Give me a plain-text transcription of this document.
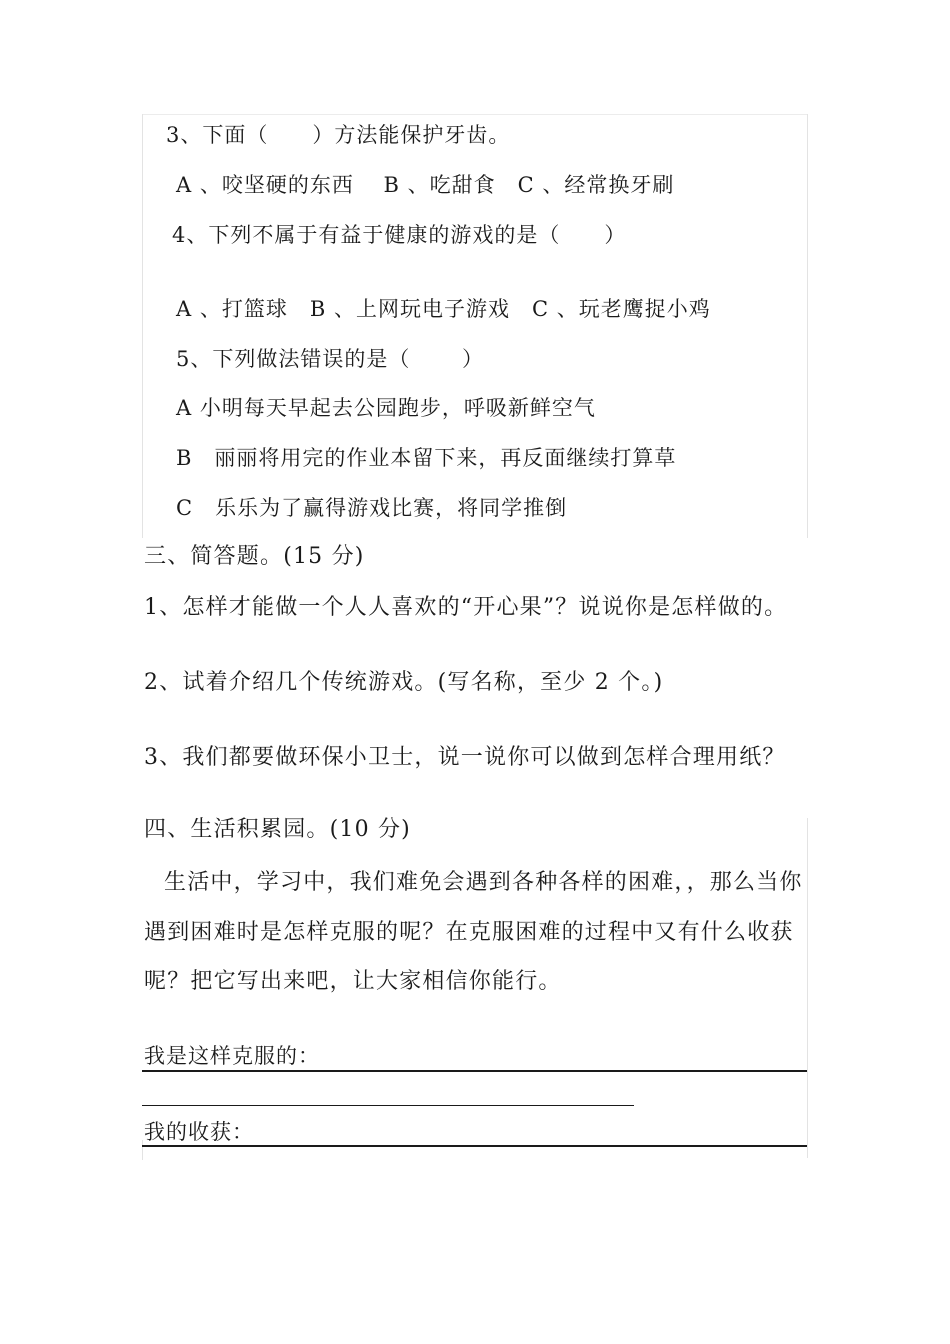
3、下面（　　）方法能保护牙齿。
A 、咬坚硬的东西　 B 、吃甜食　C 、经常换牙刷
4、下列不属于有益于健康的游戏的是（　　）
A 、打篮球　B 、上网玩电子游戏　C 、玩老鹰捉小鸡
5、下列做法错误的是（　　 ）
A 小明每天早起去公园跑步，呼吸新鲜空气
B　丽丽将用完的作业本留下来，再反面继续打算草
C　乐乐为了赢得游戏比赛，将同学推倒
三、简答题。(15 分)
1、怎样才能做一个人人喜欢的“开心果”？说说你是怎样做的。
2、试着介绍几个传统游戏。(写名称，至少 2 个。)
3、我们都要做环保小卫士，说一说你可以做到怎样合理用纸？
四、生活积累园。(10 分)
生活中，学习中，我们难免会遇到各种各样的困难，，那么当你
遇到困难时是怎样克服的呢？在克服困难的过程中又有什么收获
呢？把它写出来吧，让大家相信你能行。
我是这样克服的：
我的收获：
